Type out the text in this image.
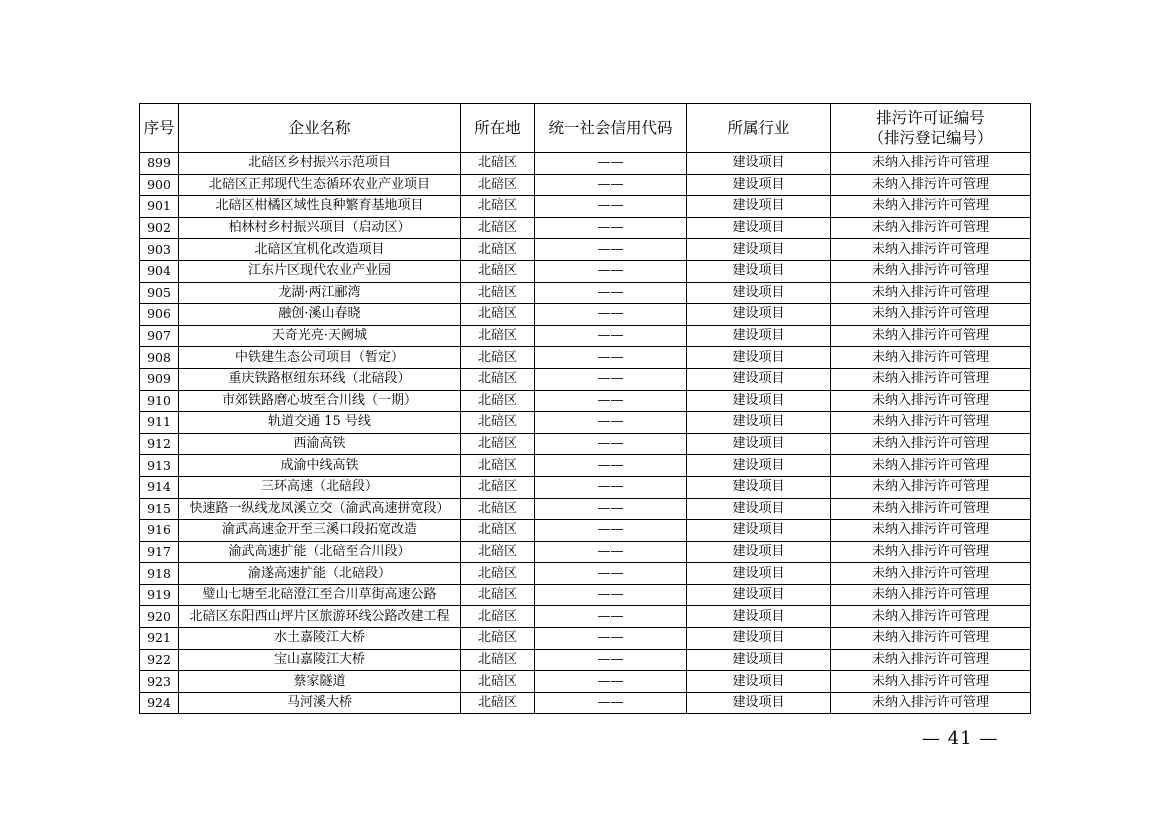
序号	企业名称	所在地	统一社会信用代码	所属行业	排污许可证编号
（排污登记编号）

899	北碚区乡村振兴示范项目	北碚区	——	建设项目	未纳入排污许可管理
900	北碚区正邦现代生态循环农业产业项目	北碚区	——	建设项目	未纳入排污许可管理
901	北碚区柑橘区域性良种繁育基地项目	北碚区	——	建设项目	未纳入排污许可管理
902	柏林村乡村振兴项目（启动区）	北碚区	——	建设项目	未纳入排污许可管理
903	北碚区宜机化改造项目	北碚区	——	建设项目	未纳入排污许可管理
904	江东片区现代农业产业园	北碚区	——	建设项目	未纳入排污许可管理
905	龙湖·两江郦湾	北碚区	——	建设项目	未纳入排污许可管理
906	融创·溪山春晓	北碚区	——	建设项目	未纳入排污许可管理
907	天奇光亮·天阙城	北碚区	——	建设项目	未纳入排污许可管理
908	中铁建生态公司项目（暂定）	北碚区	——	建设项目	未纳入排污许可管理
909	重庆铁路枢纽东环线（北碚段）	北碚区	——	建设项目	未纳入排污许可管理
910	市郊铁路磨心坡至合川线（一期）	北碚区	——	建设项目	未纳入排污许可管理
911	轨道交通 15 号线	北碚区	——	建设项目	未纳入排污许可管理
912	西渝高铁	北碚区	——	建设项目	未纳入排污许可管理
913	成渝中线高铁	北碚区	——	建设项目	未纳入排污许可管理
914	三环高速（北碚段）	北碚区	——	建设项目	未纳入排污许可管理
915	快速路一纵线龙凤溪立交（渝武高速拼宽段）	北碚区	——	建设项目	未纳入排污许可管理
916	渝武高速金开至三溪口段拓宽改造	北碚区	——	建设项目	未纳入排污许可管理
917	渝武高速扩能（北碚至合川段）	北碚区	——	建设项目	未纳入排污许可管理
918	渝遂高速扩能（北碚段）	北碚区	——	建设项目	未纳入排污许可管理
919	璧山七塘至北碚澄江至合川草街高速公路	北碚区	——	建设项目	未纳入排污许可管理
920	北碚区东阳西山坪片区旅游环线公路改建工程	北碚区	——	建设项目	未纳入排污许可管理
921	水土嘉陵江大桥	北碚区	——	建设项目	未纳入排污许可管理
922	宝山嘉陵江大桥	北碚区	——	建设项目	未纳入排污许可管理
923	蔡家隧道	北碚区	——	建设项目	未纳入排污许可管理
924	马河溪大桥	北碚区	——	建设项目	未纳入排污许可管理
— 41 —
